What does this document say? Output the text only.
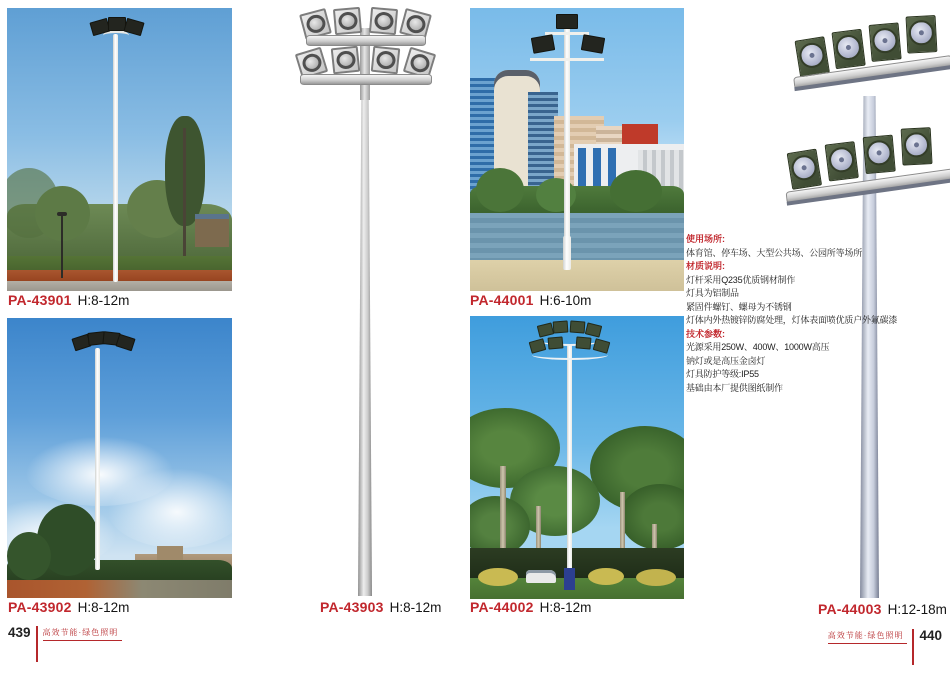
使用场所:
体育馆、停车场、大型公共场、公园所等场所
材质说明:
灯杆采用Q235优质钢材制作
灯具为铝制品
紧固件螺钉、螺母为不锈钢
灯体内外热镀锌防腐处理，灯体表面喷优质户外氟碳漆
技术参数:
光源采用250W、400W、1000W高压
钠灯或是高压金卤灯
灯具防护等级:IP55
基础由本厂提供图纸制作
PA-43901 H:8-12m	PA-44001 H:6-10m
PA-43902 H:8-12m	PA-43903 H:8-12m PA-44002 H:8-12m	PA-44003 H:12-18m
439 高效节能·绿色照明	高效节能·绿色照明 440
